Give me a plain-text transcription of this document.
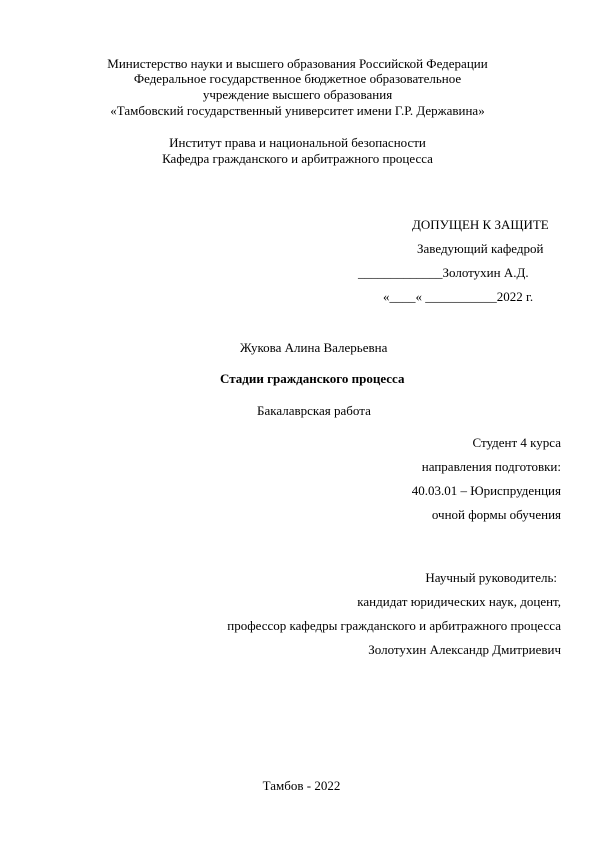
Министерство науки и высшего образования Российской Федерации
Федеральное государственное бюджетное образовательное
учреждение высшего образования
«Тамбовский государственный университет имени Г.Р. Державина»
Институт права и национальной безопасности
Кафедра гражданского и арбитражного процесса
ДОПУЩЕН К ЗАЩИТЕ
Заведующий кафедрой
_____________Золотухин А.Д.
«____« ___________2022 г.
Жукова Алина Валерьевна
Стадии гражданского процесса
Бакалаврская работа
Студент 4 курса
направления подготовки:
40.03.01 – Юриспруденция
очной формы обучения
Научный руководитель:
кандидат юридических наук, доцент,
профессор кафедры гражданского и арбитражного процесса
Золотухин Александр Дмитриевич
Тамбов - 2022
